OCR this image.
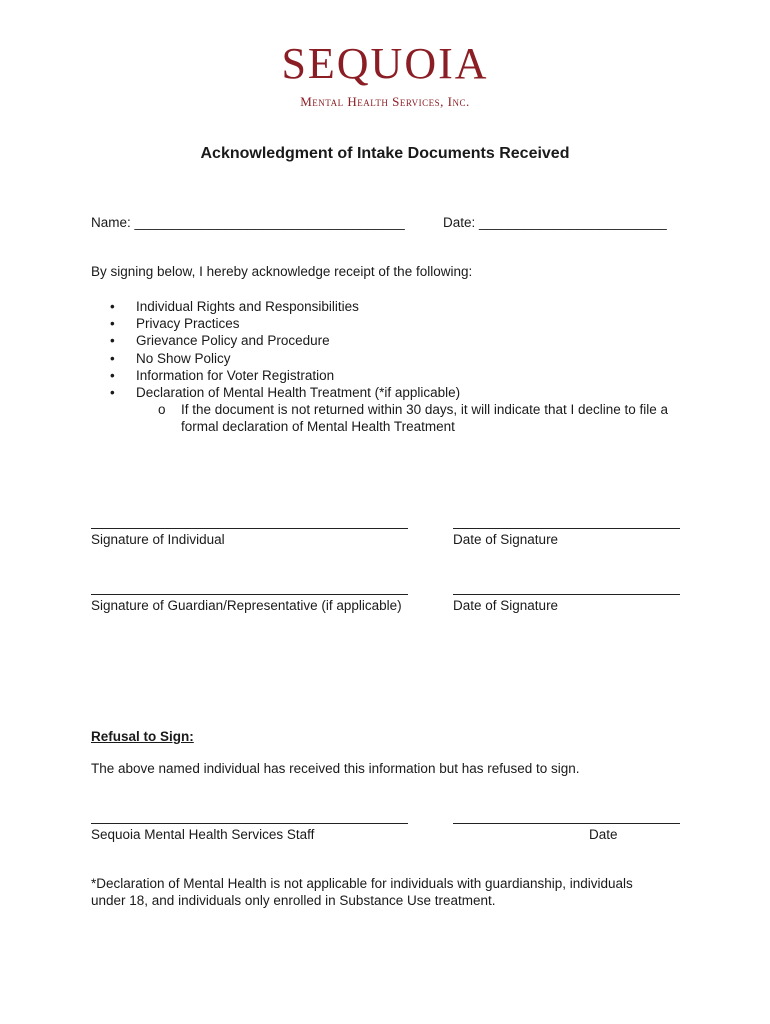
SEQUOIA
Mental Health Services, Inc.
Acknowledgment of Intake Documents Received
Name: ____________________________________	Date: _________________________
By signing below, I hereby acknowledge receipt of the following:
• Individual Rights and Responsibilities
• Privacy Practices
• Grievance Policy and Procedure
• No Show Policy
• Information for Voter Registration
• Declaration of Mental Health Treatment (*if applicable)
o If the document is not returned within 30 days, it will indicate that I decline to file a formal declaration of Mental Health Treatment
Signature of Individual	Date of Signature
Signature of Guardian/Representative (if applicable)	Date of Signature
Refusal to Sign:
The above named individual has received this information but has refused to sign.
Sequoia Mental Health Services Staff	Date
*Declaration of Mental Health is not applicable for individuals with guardianship, individuals under 18, and individuals only enrolled in Substance Use treatment.
